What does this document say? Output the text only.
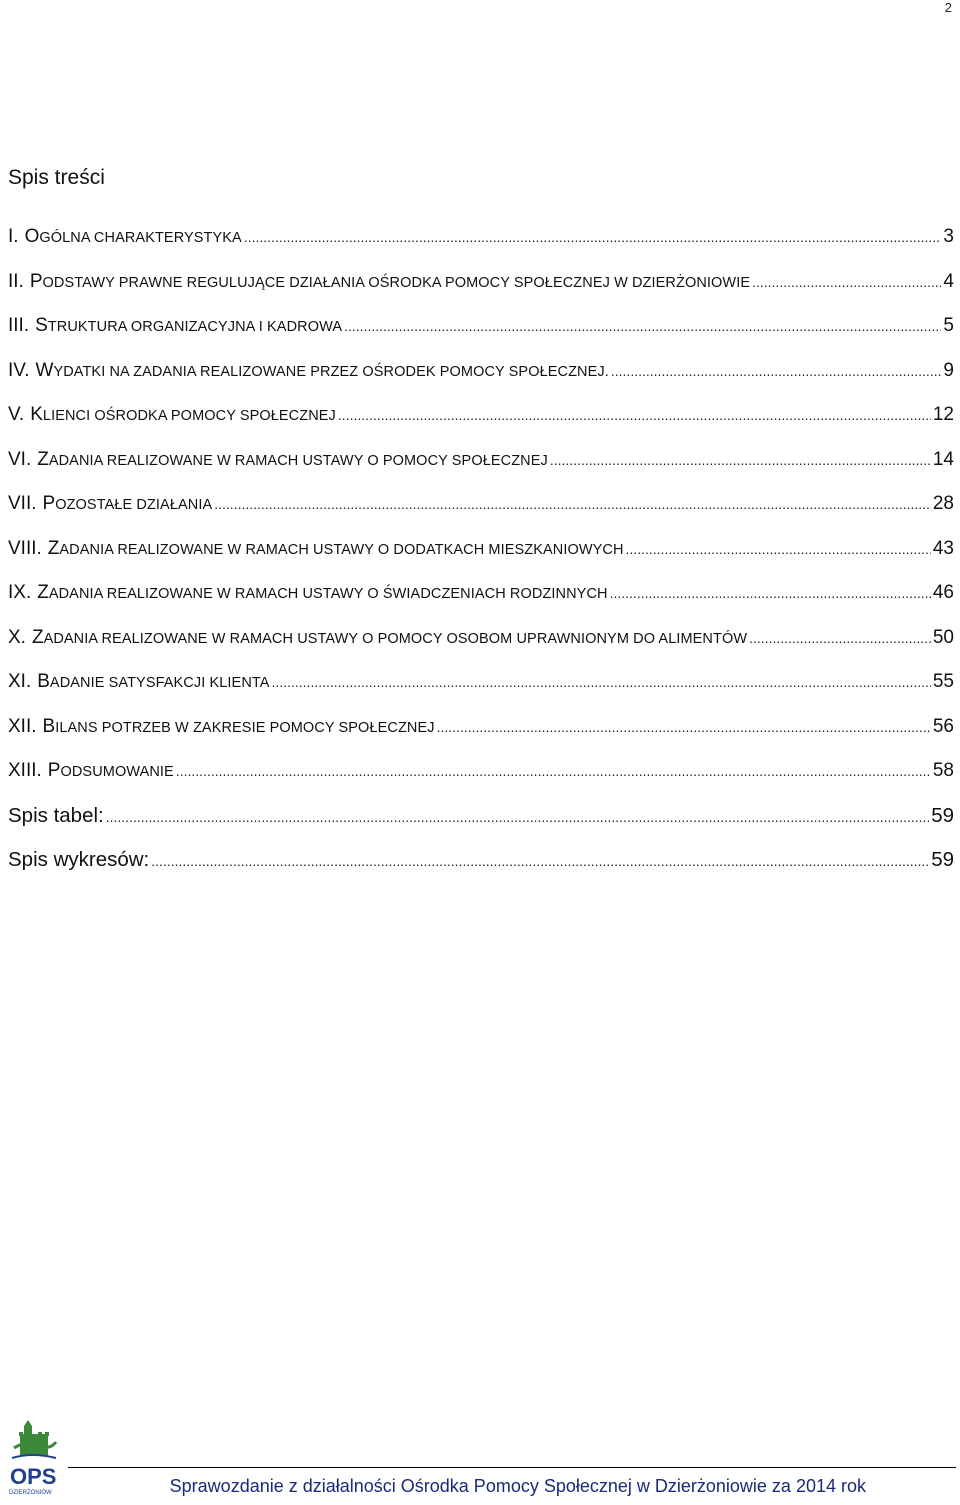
2
Spis treści
I. OGÓLNA CHARAKTERYSTYKA .....	3
II. PODSTAWY PRAWNE REGULUJĄCE DZIAŁANIA OŚRODKA POMOCY SPOŁECZNEJ W DZIERŻONIOWIE .....	4
III. STRUKTURA ORGANIZACYJNA I KADROWA .....	5
IV. WYDATKI NA ZADANIA REALIZOWANE PRZEZ OŚRODEK POMOCY SPOŁECZNEJ. .....	9
V. KLIENCI OŚRODKA POMOCY SPOŁECZNEJ .....	12
VI. ZADANIA REALIZOWANE W RAMACH USTAWY O POMOCY SPOŁECZNEJ .....	14
VII. POZOSTAŁE DZIAŁANIA .....	28
VIII. ZADANIA REALIZOWANE W RAMACH USTAWY O DODATKACH MIESZKANIOWYCH .....	43
IX. ZADANIA REALIZOWANE W RAMACH USTAWY O ŚWIADCZENIACH RODZINNYCH .....	46
X. ZADANIA REALIZOWANE W RAMACH USTAWY O POMOCY OSOBOM UPRAWNIONYM DO ALIMENTÓW .....	50
XI. BADANIE SATYSFAKCJI KLIENTA .....	55
XII. BILANS POTRZEB W ZAKRESIE POMOCY SPOŁECZNEJ .....	56
XIII. PODSUMOWANIE .....	58
Spis tabel: .....	59
Spis wykresów: .....	59
OPS
DZIERŻONIÓW	Sprawozdanie z działalności Ośrodka Pomocy Społecznej w Dzierżoniowie za 2014 rok
